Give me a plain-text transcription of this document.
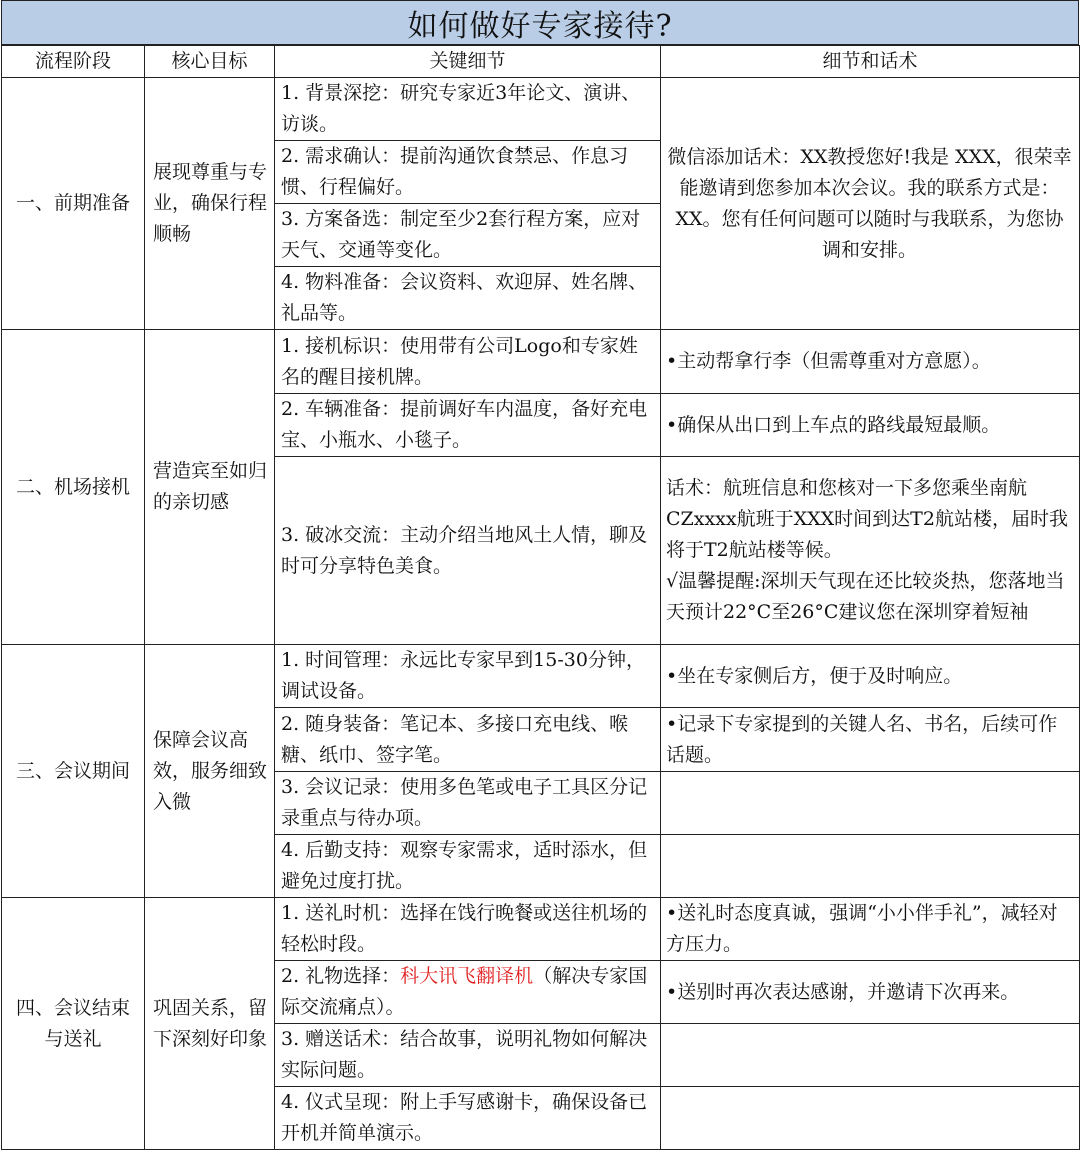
如何做好专家接待?
流程阶段	核心目标	关键细节	细节和话术
一、前期准备	展现尊重与专业，确保行程顺畅	1. 背景深挖：研究专家近3年论文、演讲、访谈。	微信添加话术：XX教授您好!我是 XXX，很荣幸能邀请到您参加本次会议。我的联系方式是：XX。您有任何问题可以随时与我联系，为您协调和安排。
		2. 需求确认：提前沟通饮食禁忌、作息习惯、行程偏好。	
		3. 方案备选：制定至少2套行程方案，应对天气、交通等变化。	
		4. 物料准备：会议资料、欢迎屏、姓名牌、礼品等。	
二、机场接机	营造宾至如归的亲切感	1. 接机标识：使用带有公司Logo和专家姓名的醒目接机牌。	•主动帮拿行李（但需尊重对方意愿）。
		2. 车辆准备：提前调好车内温度，备好充电宝、小瓶水、小毯子。	•确保从出口到上车点的路线最短最顺。
		3. 破冰交流：主动介绍当地风土人情，聊及时可分享特色美食。	话术：航班信息和您核对一下多您乘坐南航CZxxxx航班于XXX时间到达T2航站楼，届时我将于T2航站楼等候。
√温馨提醒:深圳天气现在还比较炎热，您落地当天预计22°C至26°C建议您在深圳穿着短袖

三、会议期间	保障会议高效，服务细致入微	1. 时间管理：永远比专家早到15-30分钟，调试设备。	•坐在专家侧后方，便于及时响应。
		2. 随身装备：笔记本、多接口充电线、喉糖、纸巾、签字笔。	•记录下专家提到的关键人名、书名，后续可作话题。
		3. 会议记录：使用多色笔或电子工具区分记录重点与待办项。	
		4. 后勤支持：观察专家需求，适时添水，但避免过度打扰。	
四、会议结束与送礼	巩固关系，留下深刻好印象	1. 送礼时机：选择在饯行晚餐或送往机场的轻松时段。	•送礼时态度真诚，强调“小小伴手礼”，减轻对方压力。
		2. 礼物选择：科大讯飞翻译机（解决专家国际交流痛点）。	•送别时再次表达感谢，并邀请下次再来。
		3. 赠送话术：结合故事，说明礼物如何解决实际问题。	
		4. 仪式呈现：附上手写感谢卡，确保设备已开机并简单演示。	
